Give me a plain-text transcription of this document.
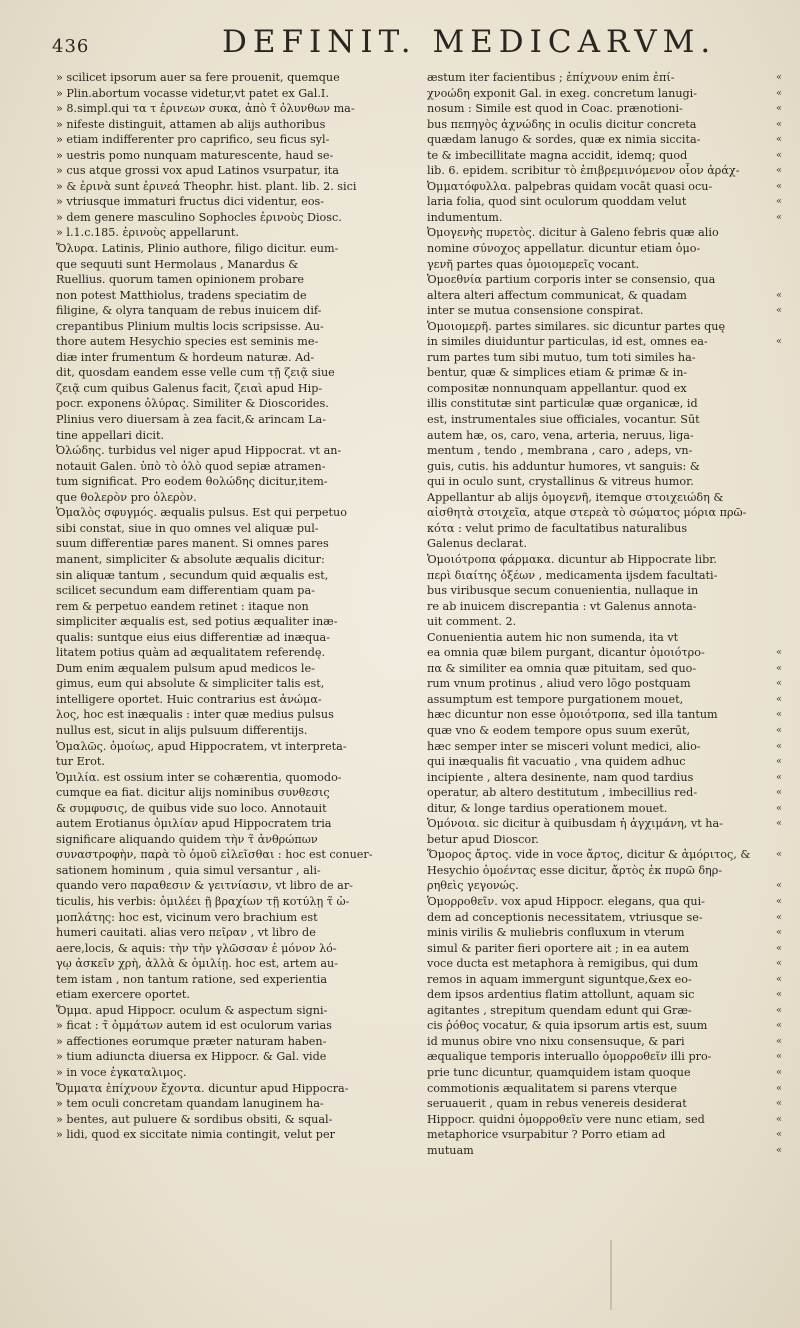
436	DEFINIT. MEDICARVM.
» scilicet ipsorum auer sa fere prouenit, quemque
» Plin.abortum vocasse videtur,vt patet ex Gal.I.
» 8.simpl.qui τα τ ἐρινεων συκα, ἀπὸ τ̃ ὀλυνθων ma-
» nifeste distinguit, attamen ab alijs authoribus
» etiam indifferenter pro caprifico, seu ficus syl-
» uestris pomo nunquam maturescente, haud se-
» cus atque grossi vox apud Latinos vsurpatur, ita
» & ἐρινὰ sunt ἐρινεά Theophr. hist. plant. lib. 2. sici
» vtriusque immaturi fructus dici videntur, eos-
» dem genere masculino Sophocles ἐρινοὺς Diosc.
» l.1.c.185. ἐρινοὺς appellarunt.
Ὄλυρα. Latinis, Plinio authore, filigo dicitur. eum-
que sequuti sunt Hermolaus , Manardus &
Ruellius. quorum tamen opinionem probare
non potest Matthiolus, tradens speciatim de
filigine, & olyra tanquam de rebus inuicem dif-
crepantibus Plinium multis locis scripsisse. Au-
thore autem Hesychio species est seminis me-
diæ inter frumentum & hordeum naturæ. Ad-
dit, quosdam eandem esse velle cum τῇ ζειᾷ siue
ζειᾷ cum quibus Galenus facit, ζειαὶ apud Hip-
pocr. exponens ὀλύρας. Similiter & Dioscorides.
Plinius vero diuersam à zea facit,& arincam La-
tine appellari dicit.
Ὀλώδης. turbidus vel niger apud Hippocrat. vt an-
notauit Galen. ὑπὸ τὸ ὀλὸ quod sepiæ atramen-
tum significat. Pro eodem θολώδης dicitur,item-
que θολερὸν pro ὀλερὸν.
Ὁμαλὸς σφυγμός. æqualis pulsus. Est qui perpetuo
sibi constat, siue in quo omnes vel aliquæ pul-
suum differentiæ pares manent. Si omnes pares
manent, simpliciter & absolute æqualis dicitur:
sin aliquæ tantum , secundum quid æqualis est,
scilicet secundum eam differentiam quam pa-
rem & perpetuo eandem retinet : itaque non
simpliciter æqualis est, sed potius æqualiter inæ-
qualis: suntque eius eius differentiæ ad inæqua-
litatem potius quàm ad æqualitatem referendę.
Dum enim æqualem pulsum apud medicos le-
gimus, eum qui absolute & simpliciter talis est,
intelligere oportet. Huic contrarius est ἀνώμα-
λος, hoc est inæqualis : inter quæ medius pulsus
nullus est, sicut in alijs pulsuum differentijs.
Ὁμαλῶς. ὁμοίως, apud Hippocratem, vt interpreta-
tur Erot.
Ὁμιλία. est ossium inter se cohærentia, quomodo-
cumque ea fiat. dicitur alijs nominibus συνθεσις
& συμφυσις, de quibus vide suo loco. Annotauit
autem Erotianus ὁμιλίαν apud Hippocratem tria
significare aliquando quidem τὴν τ̃ ἀνθρώπων
συναστροφὴν, παρὰ τὸ ὁμοῦ εἰλεῖσθαι : hoc est conuer-
sationem hominum , quia simul versantur , ali-
quando vero παραθεσιν & γειτνίασιν, vt libro de ar-
ticulis, his verbis: ὁμιλέει ῇ βραχίων τῇ κοτύλῃ τ̃ ὠ-
μοπλάτης: hoc est, vicinum vero brachium est
humeri cauitati. alias vero πεῖραν , vt libro de
aere,locis, & aquis: τὴν τὴν γλῶσσαν ἐ μόνον λό-
γῳ ἀσκεῖν χρὴ, ἀλλὰ & ὁμιλίῃ. hoc est, artem au-
tem istam , non tantum ratione, sed experientia
etiam exercere oportet.
Ὄμμα. apud Hippocr. oculum & aspectum signi-
» ficat : τ̃ ὀμμάτων autem id est oculorum varias
» affectiones eorumque præter naturam haben-
» tium adiuncta diuersa ex Hippocr. & Gal. vide
» in voce ἐγκαταλιμος.
Ὄμματα ἐπίχνουν ἔχοντα. dicuntur apud Hippocra-
» tem oculi concretam quandam lanuginem ha-
» bentes, aut puluere & sordibus obsiti, & squal-
» lidi, quod ex siccitate nimia contingit, velut per
æstum iter facientibus ; ἐπίχνουν enim ἐπί-
χνοώδη exponit Gal. in exeg. concretum lanugi-
nosum : Simile est quod in Coac. prænotioni-
bus πεπηγὸς ἀχνώδης in oculis dicitur concreta
quædam lanugo & sordes, quæ ex nimia siccita-
te & imbecillitate magna accidit, idemq; quod
lib. 6. epidem. scribitur τὸ ἐπιβρεμινόμενον οἷον ἀράχ-
Ὀμματόφυλλα. palpebras quidam vocāt quasi ocu-
laria folia, quod sint oculorum quoddam velut
indumentum.
Ὀμογενὴς πυρετὸς. dicitur à Galeno febris quæ alio
nomine σύνοχος appellatur. dicuntur etiam ὁμο-
γενῆ partes quas ὁμοιομερεῖς vocant.
Ὁμοεθνία partium corporis inter se consensio, qua
altera alteri affectum communicat, & quadam
inter se mutua consensione conspirat.
Ὁμοιομερῆ. partes similares. sic dicuntur partes quę
in similes diuiduntur particulas, id est, omnes ea-
rum partes tum sibi mutuo, tum toti similes ha-
bentur, quæ & simplices etiam & primæ & in-
compositæ nonnunquam appellantur. quod ex
illis constitutæ sint particulæ quæ organicæ, id
est, instrumentales siue officiales, vocantur. Sūt
autem hæ, os, caro, vena, arteria, neruus, liga-
mentum , tendo , membrana , caro , adeps, vn-
guis, cutis. his adduntur humores, vt sanguis: &
qui in oculo sunt, crystallinus & vitreus humor.
Appellantur ab alijs ὁμογενῆ, itemque στοιχειώδη &
αἰσθητὰ στοιχεῖα, atque στερεὰ τὸ σώματος μόρια πρῶ-
κότα : velut primo de facultatibus naturalibus
Galenus declarat.
Ὁμοιότροπα φάρμακα. dicuntur ab Hippocrate libr.
περὶ διαίτης ὀξέων , medicamenta ijsdem facultati-
bus viribusque secum conuenientia, nullaque in
re ab inuicem discrepantia : vt Galenus annota-
uit comment. 2.
Conuenientia autem hic non sumenda, ita vt
ea omnia quæ bilem purgant, dicantur ὁμοιότρο-
πα & similiter ea omnia quæ pituitam, sed quo-
rum vnum protinus , aliud vero lōgo postquam
assumptum est tempore purgationem mouet,
hæc dicuntur non esse ὁμοιότροπα, sed illa tantum
quæ vno & eodem tempore opus suum exerūt,
hæc semper inter se misceri volunt medici, alio-
qui inæqualis fit vacuatio , vna quidem adhuc
incipiente , altera desinente, nam quod tardius
operatur, ab altero destitutum , imbecillius red-
ditur, & longe tardius operationem mouet.
Ὁμόνοια. sic dicitur à quibusdam ἡ ἀγχιμάνη, vt ha-
betur apud Dioscor.
Ὅμορος ἄρτος. vide in voce ἄρτος, dicitur & ἀμόριτος, &
Hesychio ὁμοέντας esse dicitur, ἄρτὸς ἐκ πυρῶ δηρ-
ρηθεὶς γεγονώς.
Ὁμορροθεῖν. vox apud Hippocr. elegans, qua qui-
dem ad conceptionis necessitatem, vtriusque se-
minis virilis & muliebris confluxum in vterum
simul & pariter fieri oportere ait ; in ea autem
voce ducta est metaphora à remigibus, qui dum
remos in aquam immergunt siguntque,&ex eo-
dem ipsos ardentius flatim attollunt, aquam sic
agitantes , strepitum quendam edunt qui Græ-
cis ῥόθος vocatur, & quia ipsorum artis est, suum
id munus obire vno nixu consensuque, & pari
æqualique temporis interuallo ὁμορροθεῖν illi pro-
prie tunc dicuntur, quamquidem istam quoque
commotionis æqualitatem si parens vterque
seruauerit , quam in rebus venereis desiderat
Hippocr. quidni ὁμορροθεῖν vere nunc etiam, sed
metaphorice vsurpabitur ? Porro etiam ad
mutuam
«
«
«
«
«
«
«
«
«
«
«
«
«
«
«
«
«
«
«
«
«
«
«
«
«
«
«
«
«
«
«
«
«
«
«
«
«
«
«
«
«
«
«
«
